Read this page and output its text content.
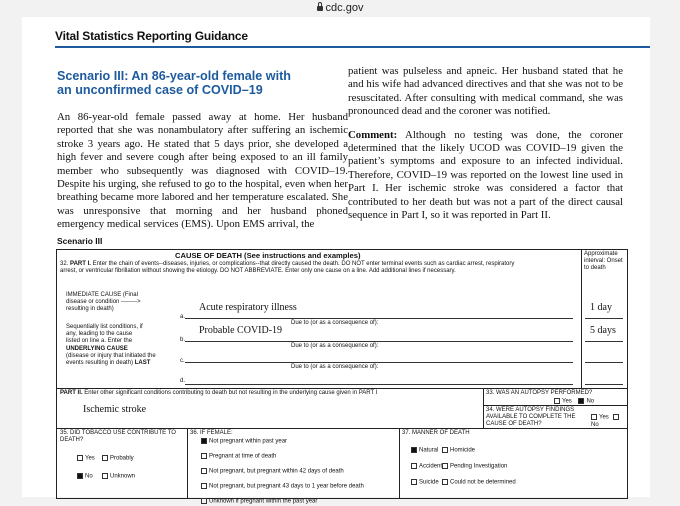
cdc.gov
Vital Statistics Reporting Guidance
Scenario III: An 86-year-old female with an unconfirmed case of COVID–19
An 86-year-old female passed away at home. Her husband reported that she was nonambulatory after suffering an ischemic stroke 3 years ago. He stated that 5 days prior, she developed a high fever and severe cough after being exposed to an ill family member who subsequently was diagnosed with COVID–19. Despite his urging, she refused to go to the hospital, even when her breathing became more labored and her temperature escalated. She was unresponsive that morning and her husband phoned emergency medical services (EMS). Upon EMS arrival, the

patient was pulseless and apneic. Her husband stated that he and his wife had advanced directives and that she was not to be resuscitated. After consulting with medical command, she was pronounced dead and the coroner was notified.

Comment: Although no testing was done, the coroner determined that the likely UCOD was COVID–19 given the patient’s symptoms and exposure to an infected individual. Therefore, COVID–19 was reported on the lowest line used in Part I. Her ischemic stroke was considered a factor that contributed to her death but was not a part of the direct causal sequence in Part I, so it was reported in Part II.

Scenario III
CAUSE OF DEATH (See instructions and examples)	Approximate interval: Onset to death
32. PART I. Enter the chain of events--diseases, injuries, or complications--that directly caused the death. DO NOT enter terminal events such as cardiac arrest, respiratory arrest, or ventricular fibrillation without showing the etiology. DO NOT ABBREVIATE. Enter only one cause on a line. Add additional lines if necessary.
IMMEDIATE CAUSE (Final disease or condition --------> resulting in death)
Sequentially list conditions, if any, leading to the cause listed on line a. Enter the
UNDERLYING CAUSE
(disease or injury that initiated the events resulting in death) LAST
a.
Acute respiratory illness
Due to (or as a consequence of):
1 day
b.
Probable COVID-19
Due to (or as a consequence of):
5 days
c.
Due to (or as a consequence of):
d.
PART II. Enter other significant conditions contributing to death but not resulting in the underlying cause given in PART I
Ischemic stroke
33. WAS AN AUTOPSY PERFORMED?
Yes No
34. WERE AUTOPSY FINDINGS AVAILABLE TO COMPLETE THE CAUSE OF DEATH?
Yes No
35. DID TOBACCO USE CONTRIBUTE TO DEATH?
Yes	Probably
No	Unknown
36. IF FEMALE:
Not pregnant within past year
Pregnant at time of death
Not pregnant, but pregnant within 42 days of death
Not pregnant, but pregnant 43 days to 1 year before death
Unknown if pregnant within the past year
37. MANNER OF DEATH
Natural	Homicide
Accident	Pending Investigation
Suicide	Could not be determined
